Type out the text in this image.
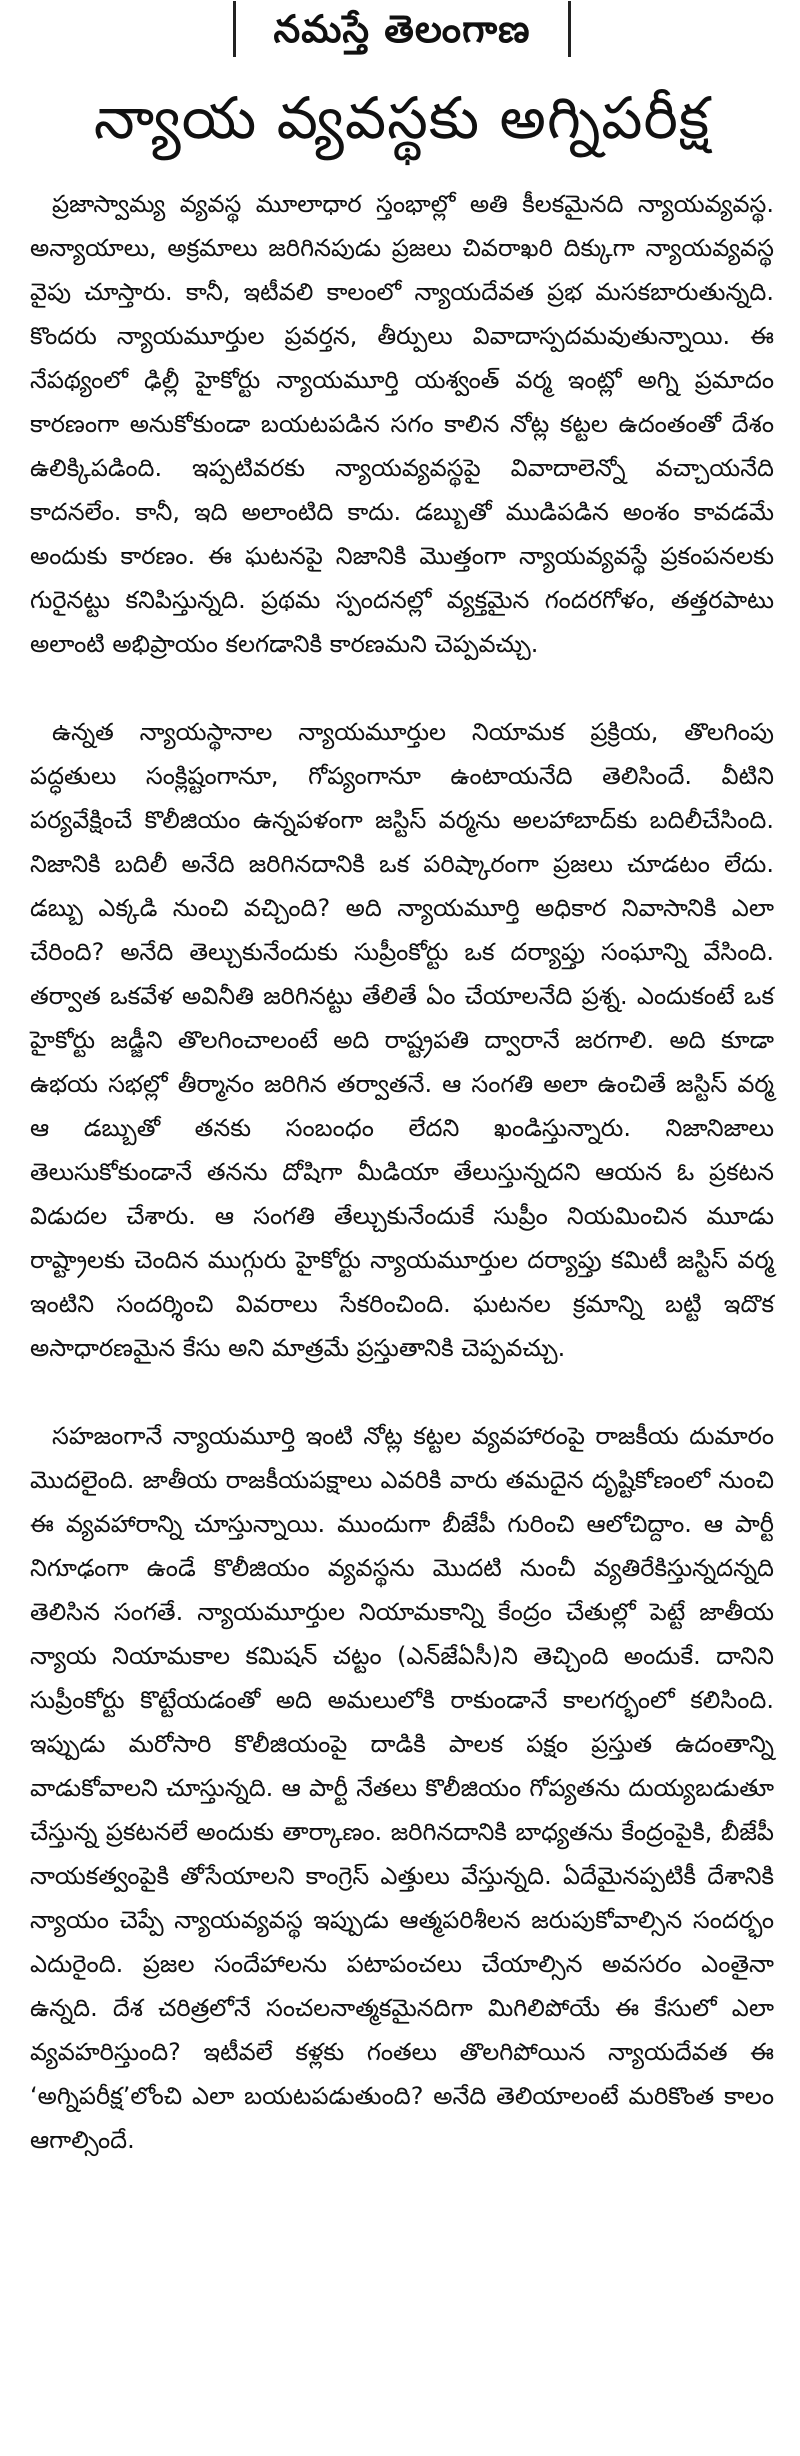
నమస్తే తెలంగాణ
న్యాయ వ్యవస్థకు అగ్నిపరీక్ష

ప్రజాస్వామ్య వ్యవస్థ మూలాధార స్తంభాల్లో అతి కీలకమైనది న్యాయవ్యవస్థ. అన్యాయాలు, అక్రమాలు జరిగినపుడు ప్రజలు చివరాఖరి దిక్కుగా న్యాయవ్యవస్థ వైపు చూస్తారు. కానీ, ఇటీవలి కాలంలో న్యాయదేవత ప్రభ మసకబారుతున్నది. కొందరు న్యాయమూర్తుల ప్రవర్తన, తీర్పులు వివాదాస్పదమవుతున్నాయి. ఈ నేపథ్యంలో ఢిల్లీ హైకోర్టు న్యాయమూర్తి యశ్వంత్ వర్మ ఇంట్లో అగ్ని ప్రమాదం కారణంగా అనుకోకుండా బయటపడిన సగం కాలిన నోట్ల కట్టల ఉదంతంతో దేశం ఉలిక్కిపడింది. ఇప్పటివరకు న్యాయవ్యవస్థపై వివాదాలెన్నో వచ్చాయనేది కాదనలేం. కానీ, ఇది అలాంటిది కాదు. డబ్బుతో ముడిపడిన అంశం కావడమే అందుకు కారణం. ఈ ఘటనపై నిజానికి మొత్తంగా న్యాయవ్యవస్థే ప్రకంపనలకు గురైనట్టు కనిపిస్తున్నది. ప్రథమ స్పందనల్లో వ్యక్తమైన గందరగోళం, తత్తరపాటు అలాంటి అభిప్రాయం కలగడానికి కారణమని చెప్పవచ్చు.

ఉన్నత న్యాయస్థానాల న్యాయమూర్తుల నియామక ప్రక్రియ, తొలగింపు పద్ధతులు సంక్లిష్టంగానూ, గోప్యంగానూ ఉంటాయనేది తెలిసిందే. వీటిని పర్యవేక్షించే కొలీజియం ఉన్నపళంగా జస్టిస్ వర్మను అలహాబాద్‌కు బదిలీచేసింది. నిజానికి బదిలీ అనేది జరిగినదానికి ఒక పరిష్కారంగా ప్రజలు చూడటం లేదు. డబ్బు ఎక్కడి నుంచి వచ్చింది? అది న్యాయమూర్తి అధికార నివాసానికి ఎలా చేరింది? అనేది తెల్చుకునేందుకు సుప్రీంకోర్టు ఒక దర్యాప్తు సంఘాన్ని వేసింది. తర్వాత ఒకవేళ అవినీతి జరిగినట్టు తేలితే ఏం చేయాలనేది ప్రశ్న. ఎందుకంటే ఒక హైకోర్టు జడ్జీని తొలగించాలంటే అది రాష్ట్రపతి ద్వారానే జరగాలి. అది కూడా ఉభయ సభల్లో తీర్మానం జరిగిన తర్వాతనే. ఆ సంగతి అలా ఉంచితే జస్టిస్ వర్మ ఆ డబ్బుతో తనకు సంబంధం లేదని ఖండిస్తున్నారు. నిజానిజాలు తెలుసుకోకుండానే తనను దోషిగా మీడియా తేలుస్తున్నదని ఆయన ఓ ప్రకటన విడుదల చేశారు. ఆ సంగతి తేల్చుకునేందుకే సుప్రీం నియమించిన మూడు రాష్ట్రాలకు చెందిన ముగ్గురు హైకోర్టు న్యాయమూర్తుల దర్యాప్తు కమిటీ జస్టిస్ వర్మ ఇంటిని సందర్శించి వివరాలు సేకరించింది. ఘటనల క్రమాన్ని బట్టి ఇదొక అసాధారణమైన కేసు అని మాత్రమే ప్రస్తుతానికి చెప్పవచ్చు.

సహజంగానే న్యాయమూర్తి ఇంటి నోట్ల కట్టల వ్యవహారంపై రాజకీయ దుమారం మొదలైంది. జాతీయ రాజకీయపక్షాలు ఎవరికి వారు తమదైన దృష్టికోణంలో నుంచి ఈ వ్యవహారాన్ని చూస్తున్నాయి. ముందుగా బీజేపీ గురించి ఆలోచిద్దాం. ఆ పార్టీ నిగూఢంగా ఉండే కొలీజియం వ్యవస్థను మొదటి నుంచీ వ్యతిరేకిస్తున్నదన్నది తెలిసిన సంగతే. న్యాయమూర్తుల నియామకాన్ని కేంద్రం చేతుల్లో పెట్టే జాతీయ న్యాయ నియామకాల కమిషన్ చట్టం (ఎన్‌జేఏసీ)ని తెచ్చింది అందుకే. దానిని సుప్రీంకోర్టు కొట్టేయడంతో అది అమలులోకి రాకుండానే కాలగర్భంలో కలిసింది. ఇప్పుడు మరోసారి కొలీజియంపై దాడికి పాలక పక్షం ప్రస్తుత ఉదంతాన్ని వాడుకోవాలని చూస్తున్నది. ఆ పార్టీ నేతలు కొలీజియం గోప్యతను దుయ్యబడుతూ చేస్తున్న ప్రకటనలే అందుకు తార్కాణం. జరిగినదానికి బాధ్యతను కేంద్రంపైకి, బీజేపీ నాయకత్వంపైకి తోసేయాలని కాంగ్రెస్ ఎత్తులు వేస్తున్నది. ఏదేమైనప్పటికీ దేశానికి న్యాయం చెప్పే న్యాయవ్యవస్థ ఇప్పుడు ఆత్మపరిశీలన జరుపుకోవాల్సిన సందర్భం ఎదురైంది. ప్రజల సందేహాలను పటాపంచలు చేయాల్సిన అవసరం ఎంతైనా ఉన్నది. దేశ చరిత్రలోనే సంచలనాత్మకమైనదిగా మిగిలిపోయే ఈ కేసులో ఎలా వ్యవహరిస్తుంది? ఇటీవలే కళ్లకు గంతలు తొలగిపోయిన న్యాయదేవత ఈ ‘అగ్నిపరీక్ష’లోంచి ఎలా బయటపడుతుంది? అనేది తెలియాలంటే మరికొంత కాలం ఆగాల్సిందే.
